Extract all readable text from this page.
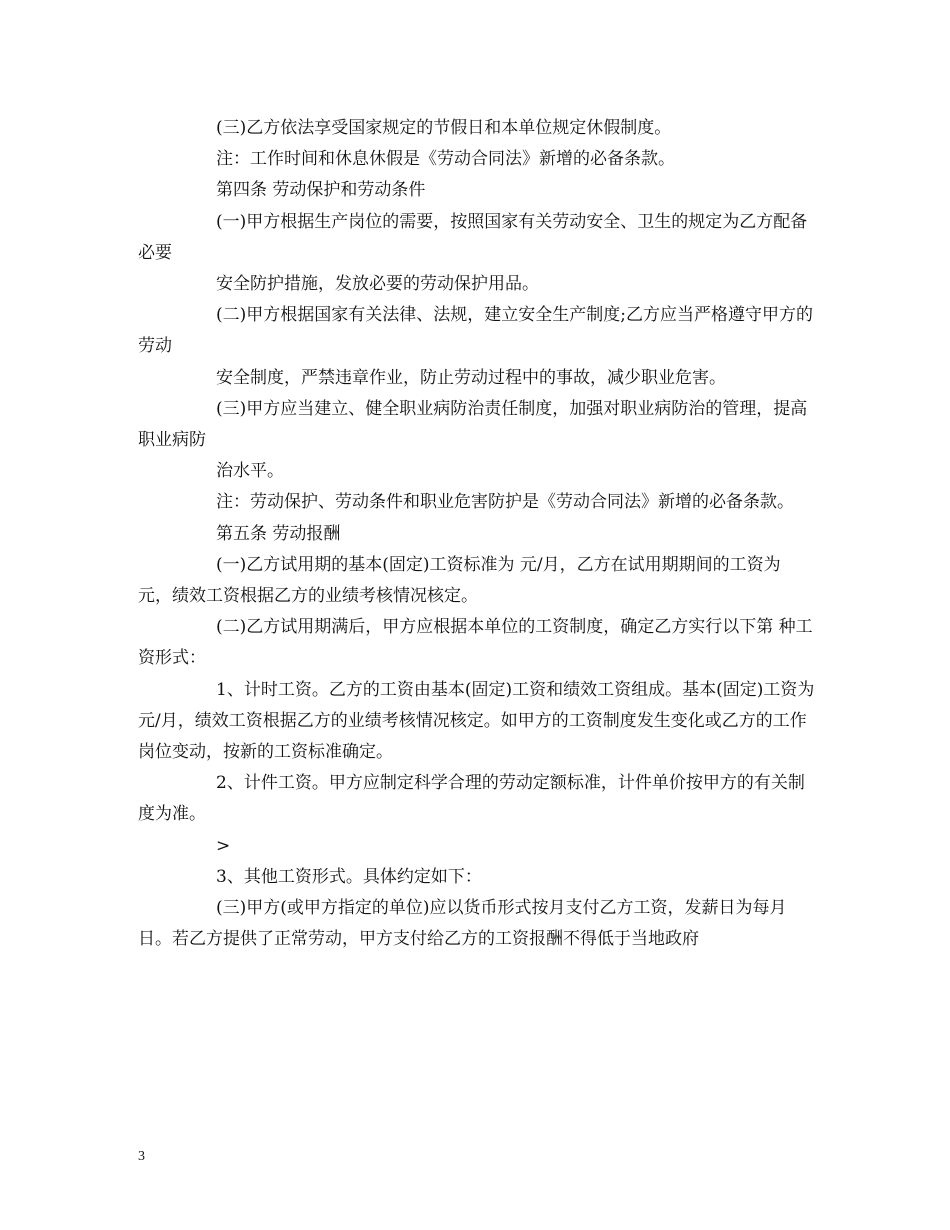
(三)乙方依法享受国家规定的节假日和本单位规定休假制度。

注：工作时间和休息休假是《劳动合同法》新增的必备条款。

第四条 劳动保护和劳动条件

(一)甲方根据生产岗位的需要，按照国家有关劳动安全、卫生的规定为乙方配备必要

安全防护措施，发放必要的劳动保护用品。

(二)甲方根据国家有关法律、法规，建立安全生产制度;乙方应当严格遵守甲方的劳动

安全制度，严禁违章作业，防止劳动过程中的事故，减少职业危害。

(三)甲方应当建立、健全职业病防治责任制度，加强对职业病防治的管理，提高职业病防

治水平。

注：劳动保护、劳动条件和职业危害防护是《劳动合同法》新增的必备条款。

第五条 劳动报酬

(一)乙方试用期的基本(固定)工资标准为 元/月，乙方在试用期期间的工资为 元，绩效工资根据乙方的业绩考核情况核定。

(二)乙方试用期满后，甲方应根据本单位的工资制度，确定乙方实行以下第 种工资形式：

1、计时工资。乙方的工资由基本(固定)工资和绩效工资组成。基本(固定)工资为 元/月，绩效工资根据乙方的业绩考核情况核定。如甲方的工资制度发生变化或乙方的工作岗位变动，按新的工资标准确定。

2、计件工资。甲方应制定科学合理的劳动定额标准，计件单价按甲方的有关制度为准。

>

3、其他工资形式。具体约定如下：

(三)甲方(或甲方指定的单位)应以货币形式按月支付乙方工资，发薪日为每月 日。若乙方提供了正常劳动，甲方支付给乙方的工资报酬不得低于当地政府

3
